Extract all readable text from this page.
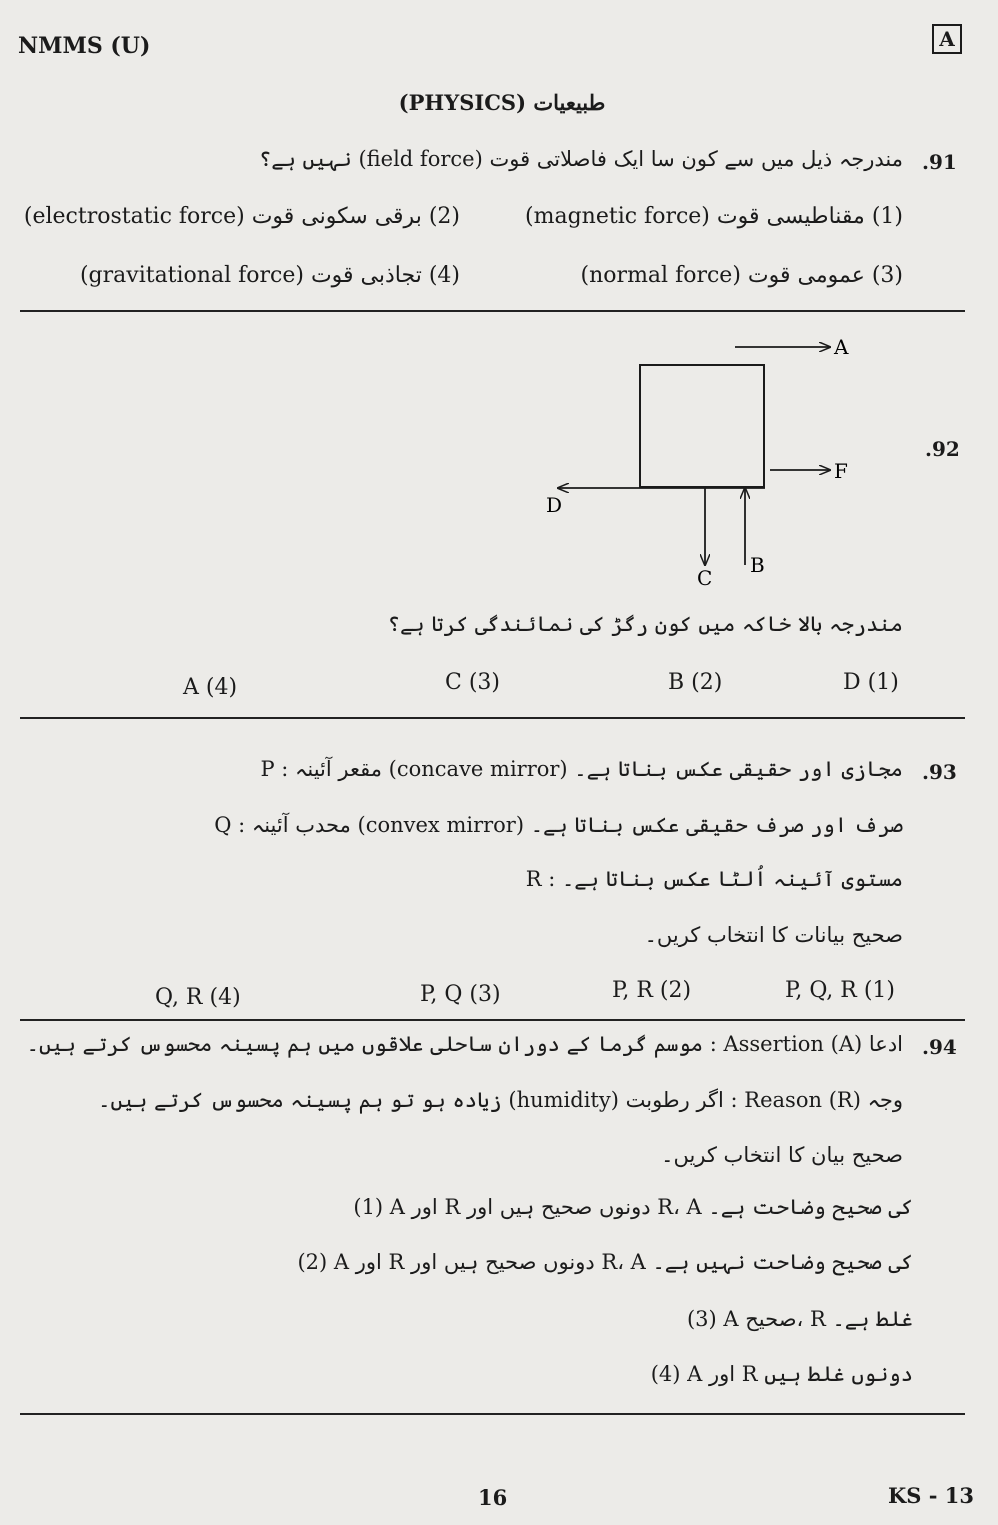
NMMS (U)	A
(PHYSICS) طبیعیات
.91
مندرجہ ذیل میں سے کون سا ایک فاصلاتی قوت (field force) نہیں ہے؟
(1) مقناطیسی قوت (magnetic force)
(2) برقی سکونی قوت (electrostatic force)
(3) عمومی قوت (normal force)
(4) تجاذبی قوت (gravitational force)
A
F
D
C
B
.92
مندرجہ بالا خاکہ میں کون رگڑ کی نمائندگی کرتا ہے؟
D (1)
B (2)
C (3)
A (4)
.93
P : مقعر آئینہ (concave mirror) مجازی اور حقیقی عکس بناتا ہے۔
Q : محدب آئینہ (convex mirror) صرف اور صرف حقیقی عکس بناتا ہے۔
R : مستوی آئینہ اُلٹا عکس بناتا ہے۔
صحیح بیانات کا انتخاب کریں۔
P, Q, R (1)
P, R (2)
P, Q (3)
Q, R (4)
.94
ادعا (A) Assertion : موسم گرما کے دوران ساحلی علاقوں میں ہم پسینہ محسوس کرتے ہیں۔
وجہ (R) Reason : اگر رطوبت (humidity) زیادہ ہو تو ہم پسینہ محسوس کرتے ہیں۔
صحیح بیان کا انتخاب کریں۔
(1) A اور R دونوں صحیح ہیں اور R، A کی صحیح وضاحت ہے۔
(2) A اور R دونوں صحیح ہیں اور R، A کی صحیح وضاحت نہیں ہے۔
(3) A صحیح، R غلط ہے۔
(4) A اور R دونوں غلط ہیں
16	KS - 13
